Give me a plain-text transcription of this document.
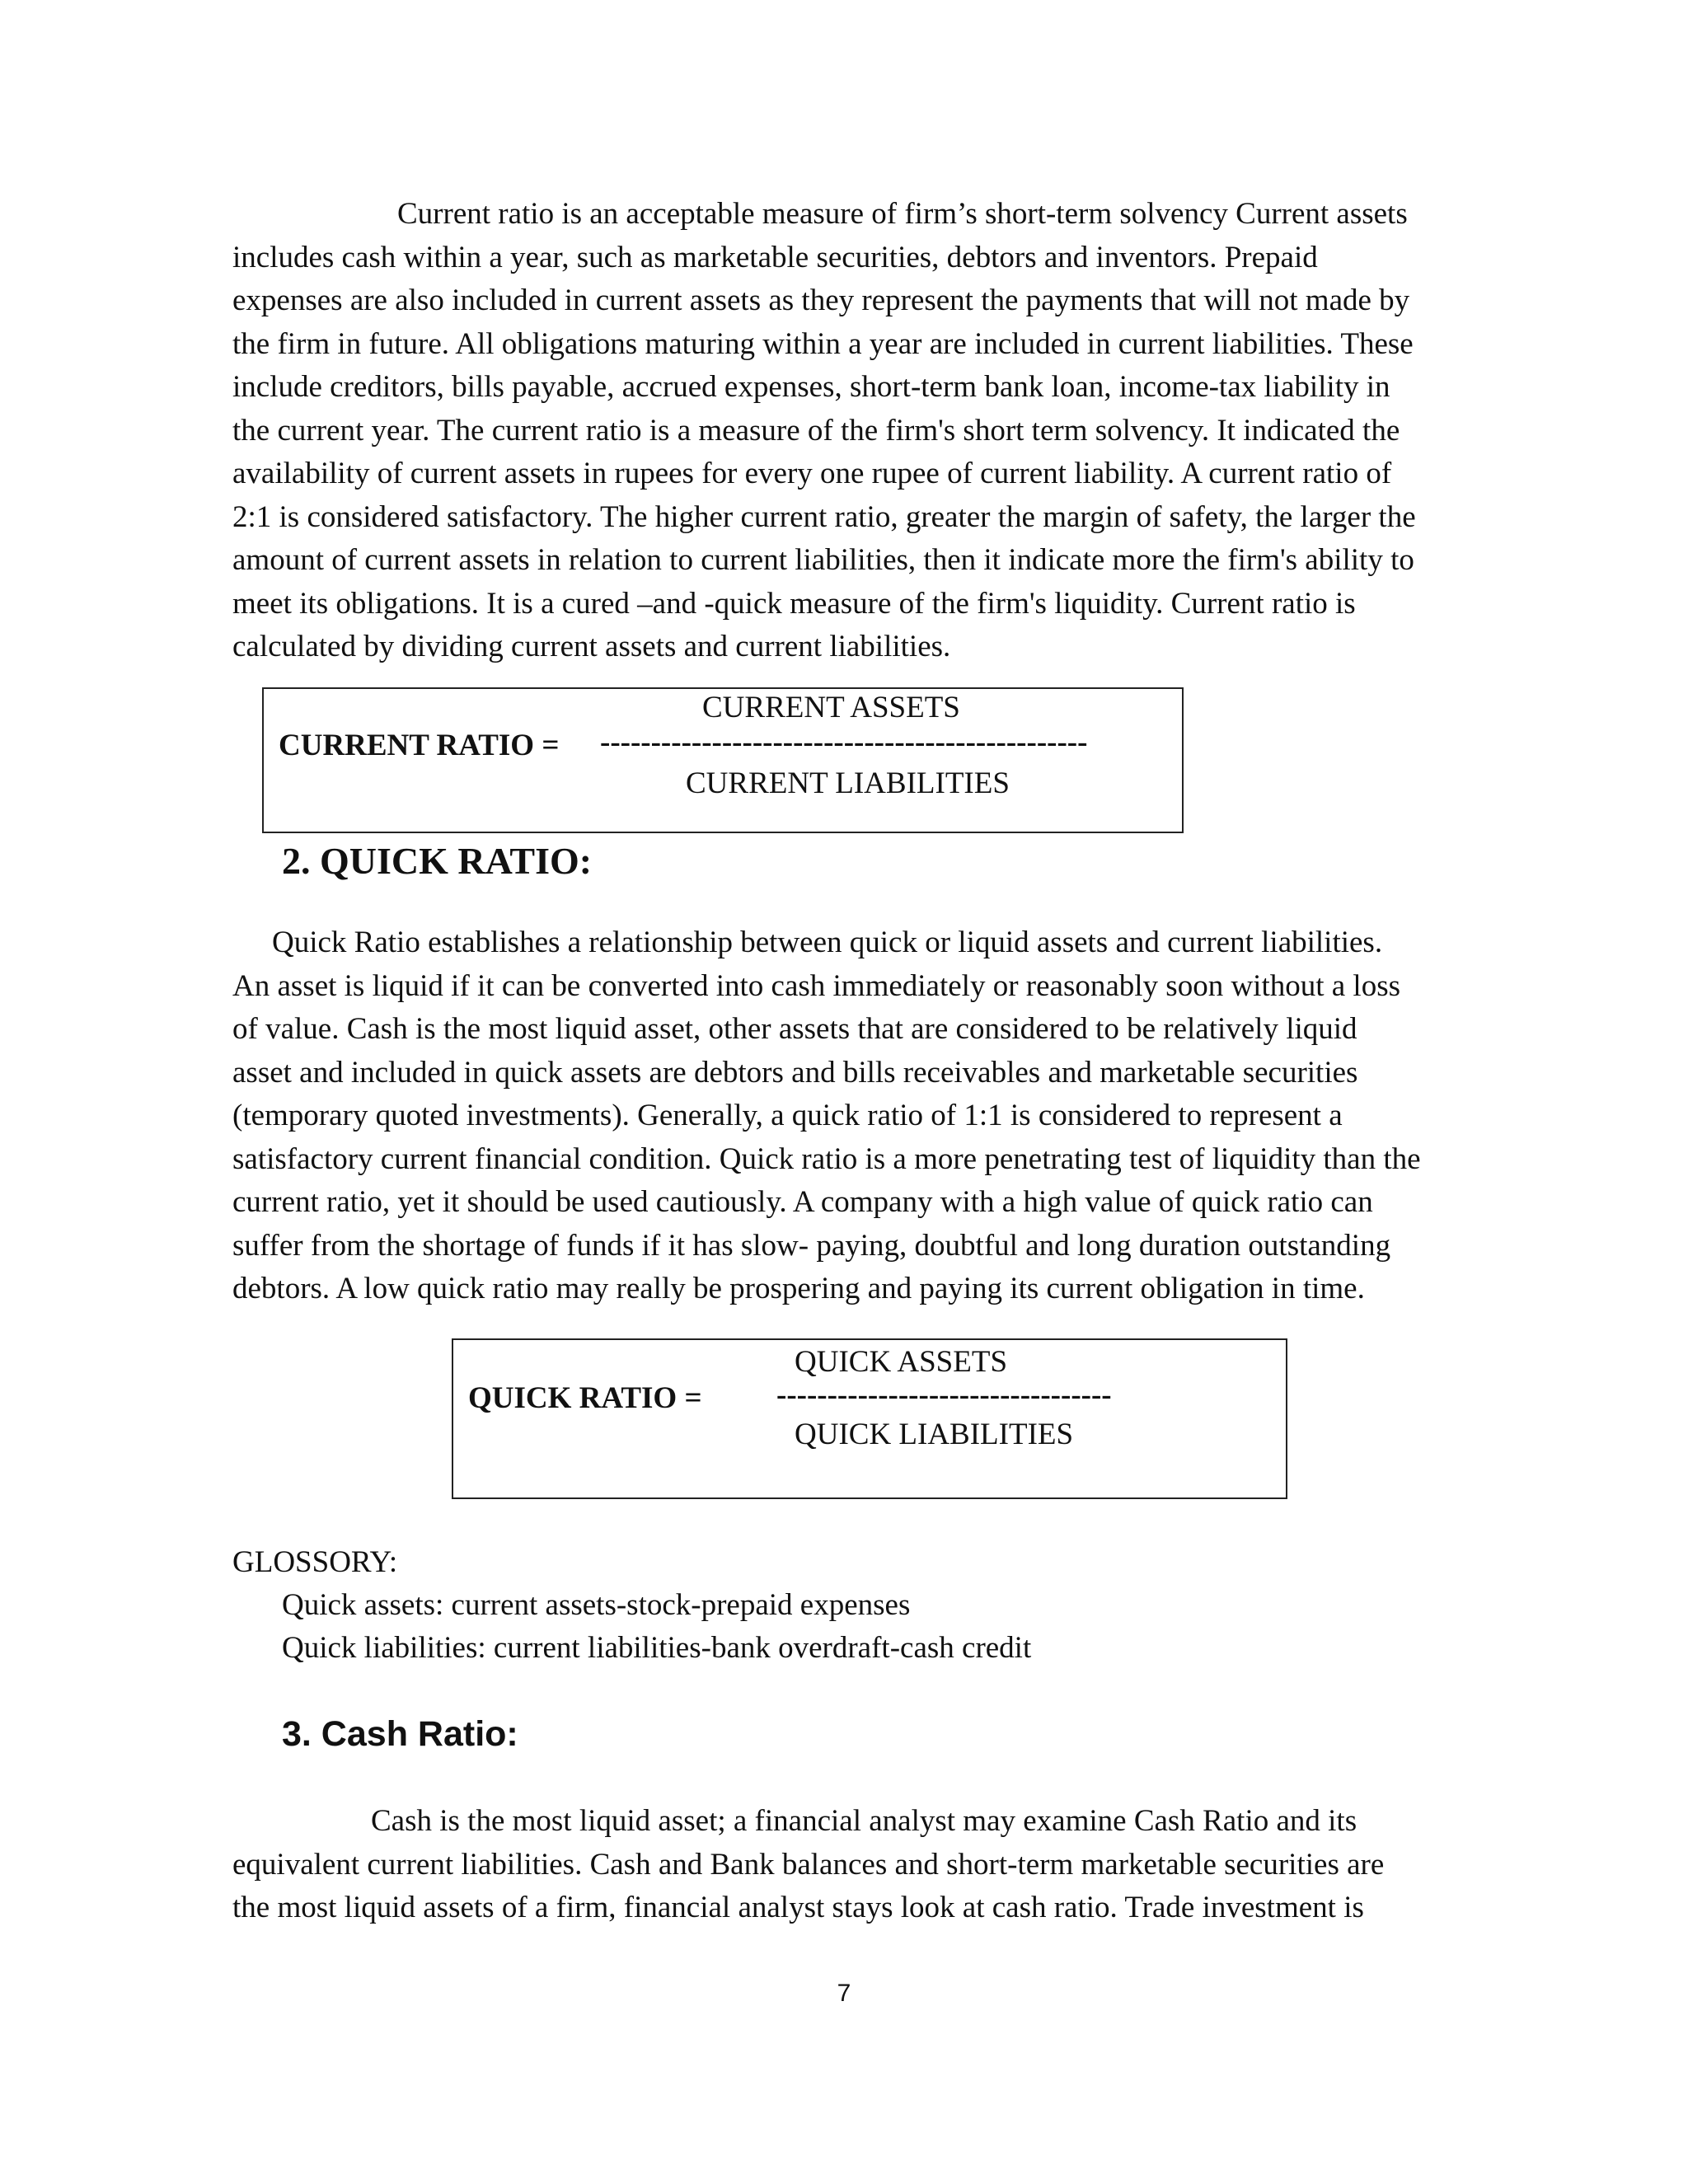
Current ratio is an acceptable measure of firm’s short-term solvency Current assets
includes cash within a year, such as marketable securities, debtors and inventors. Prepaid
expenses are also included in current assets as they represent the payments that will not made by
the firm in future. All obligations maturing within a year are included in current liabilities. These
include creditors, bills payable, accrued expenses, short-term bank loan, income-tax liability in
the current year. The current ratio is a measure of the firm's short term solvency. It indicated the
availability of current assets in rupees for every one rupee of current liability. A current ratio of
2:1 is considered satisfactory. The higher current ratio, greater the margin of safety, the larger the
amount of current assets in relation to current liabilities, then it indicate more the firm's ability to
meet its obligations. It is a cured –and -quick measure of the firm's liquidity. Current ratio is
calculated by dividing current assets and current liabilities.
CURRENT ASSETS
CURRENT RATIO = ------------------------------------------------
CURRENT LIABILITIES
2. QUICK RATIO:
Quick Ratio establishes a relationship between quick or liquid assets and current liabilities.
An asset is liquid if it can be converted into cash immediately or reasonably soon without a loss
of value. Cash is the most liquid asset, other assets that are considered to be relatively liquid
asset and included in quick assets are debtors and bills receivables and marketable securities
(temporary quoted investments). Generally, a quick ratio of 1:1 is considered to represent a
satisfactory current financial condition. Quick ratio is a more penetrating test of liquidity than the
current ratio, yet it should be used cautiously. A company with a high value of quick ratio can
suffer from the shortage of funds if it has slow- paying, doubtful and long duration outstanding
debtors. A low quick ratio may really be prospering and paying its current obligation in time.
QUICK ASSETS
QUICK RATIO = ---------------------------------
QUICK LIABILITIES
GLOSSORY:
Quick assets: current assets-stock-prepaid expenses
Quick liabilities: current liabilities-bank overdraft-cash credit
3. Cash Ratio:
Cash is the most liquid asset; a financial analyst may examine Cash Ratio and its
equivalent current liabilities. Cash and Bank balances and short-term marketable securities are
the most liquid assets of a firm, financial analyst stays look at cash ratio. Trade investment is
7
